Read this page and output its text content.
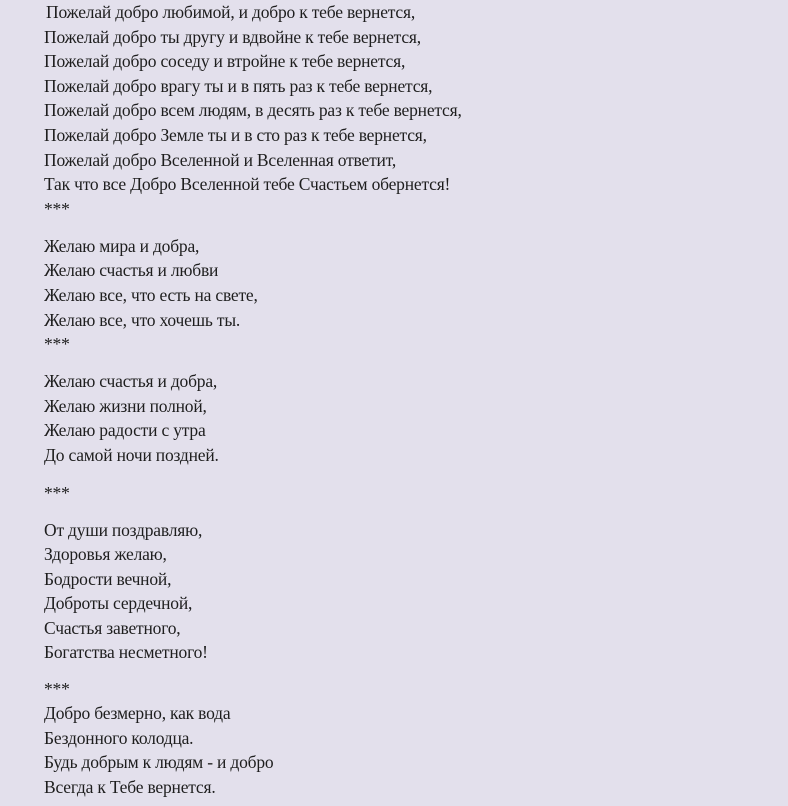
Пожелай добро любимой, и добро к тебе вернется,
Пожелай добро ты другу и вдвойне к тебе вернется,
Пожелай добро соседу и втройне к тебе вернется,
Пожелай добро врагу ты и в пять раз к тебе вернется,
Пожелай добро всем людям, в десять раз к тебе вернется,
Пожелай добро Земле ты и в сто раз к тебе вернется,
Пожелай добро Вселенной и Вселенная ответит,
Так что все Добро Вселенной тебе Счастьем обернется!
***
Желаю мира и добра,
Желаю счастья и любви
Желаю все, что есть на свете,
Желаю все, что хочешь ты.
***
Желаю счастья и добра,
Желаю жизни полной,
Желаю радости с утра
До самой ночи поздней.
***
От души поздравляю,
Здоровья желаю,
Бодрости вечной,
Доброты сердечной,
Счастья заветного,
Богатства несметного!
***
Добро безмерно, как вода
Бездонного колодца.
Будь добрым к людям - и добро
Всегда к Тебе вернется.
